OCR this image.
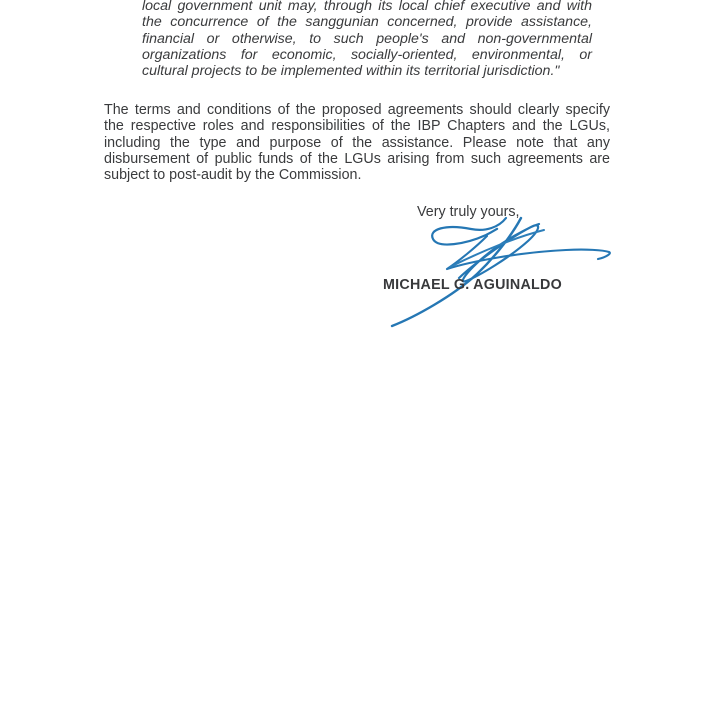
local government unit may, through its local chief executive and with
the concurrence of the sanggunian concerned, provide assistance,
financial or otherwise, to such people's and non-governmental
organizations for economic, socially-oriented, environmental, or
cultural projects to be implemented within its territorial jurisdiction."
The terms and conditions of the proposed agreements should clearly specify
the respective roles and responsibilities of the IBP Chapters and the LGUs,
including the type and purpose of the assistance. Please note that any
disbursement of public funds of the LGUs arising from such agreements are
subject to post-audit by the Commission.
Very truly yours,
MICHAEL G. AGUINALDO
